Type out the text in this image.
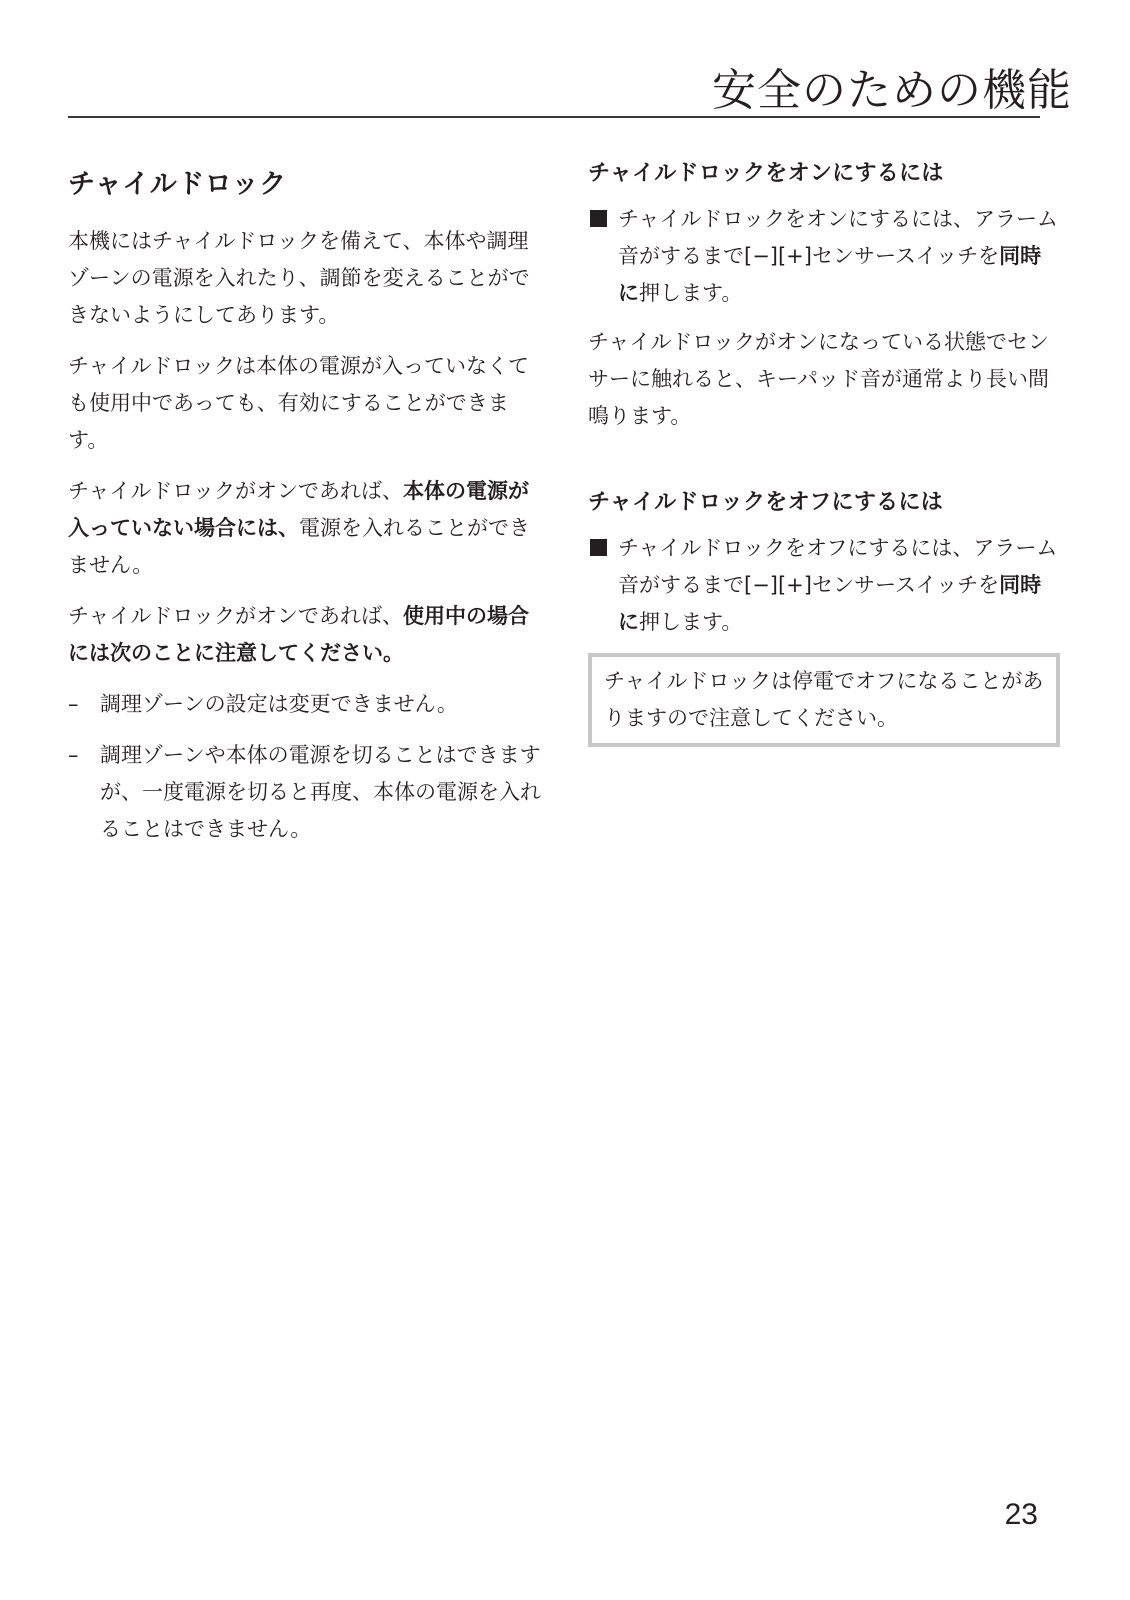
安全のための機能
チャイルドロック

本機にはチャイルドロックを備えて、本体や調理ゾーンの電源を入れたり、調節を変えることができないようにしてあります。

チャイルドロックは本体の電源が入っていなくても使用中であっても、有効にすることができます。

チャイルドロックがオンであれば、本体の電源が入っていない場合には、電源を入れることができません。

チャイルドロックがオンであれば、使用中の場合には次のことに注意してください。

– 調理ゾーンの設定は変更できません。
– 調理ゾーンや本体の電源を切ることはできますが、一度電源を切ると再度、本体の電源を入れることはできません。
チャイルドロックをオンにするには
チャイルドロックをオンにするには、アラーム音がするまで[−][+]センサースイッチを同時に押します。

チャイルドロックがオンになっている状態でセンサーに触れると、キーパッド音が通常より長い間鳴ります。

チャイルドロックをオフにするには
チャイルドロックをオフにするには、アラーム音がするまで[−][+]センサースイッチを同時に押します。
チャイルドロックは停電でオフになることがありますので注意してください。
23
